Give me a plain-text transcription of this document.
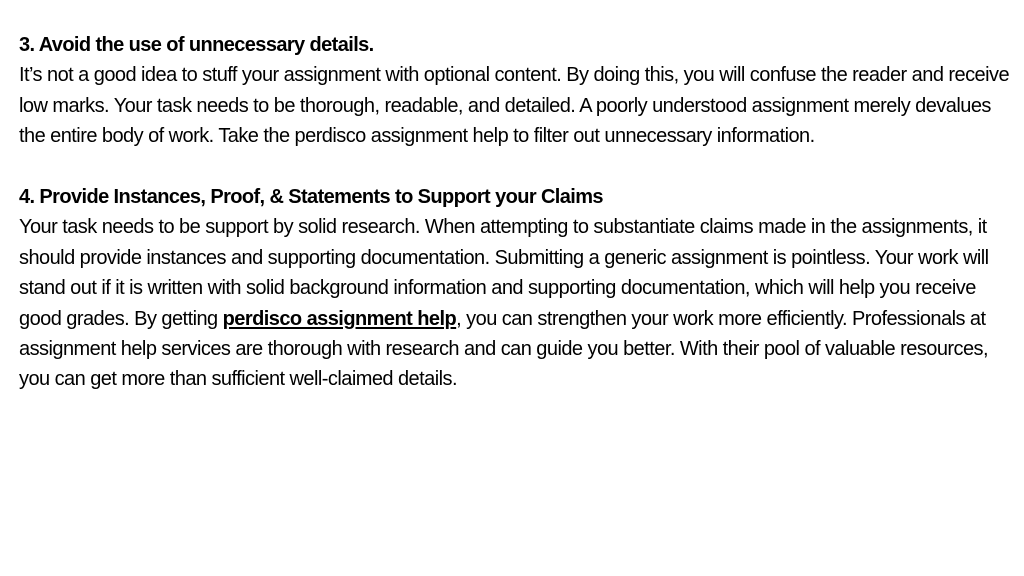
3. Avoid the use of unnecessary details.

It’s not a good idea to stuff your assignment with optional content. By doing this, you will confuse the reader and receive low marks. Your task needs to be thorough, readable, and detailed. A poorly understood assignment merely devalues the entire body of work. Take the perdisco assignment help to filter out unnecessary information.

4. Provide Instances, Proof, & Statements to Support your Claims

Your task needs to be support by solid research. When attempting to substantiate claims made in the assignments, it should provide instances and supporting documentation. Submitting a generic assignment is pointless. Your work will stand out if it is written with solid background information and supporting documentation, which will help you receive good grades. By getting perdisco assignment help, you can strengthen your work more efficiently. Professionals at assignment help services are thorough with research and can guide you better. With their pool of valuable resources, you can get more than sufficient well-claimed details.
